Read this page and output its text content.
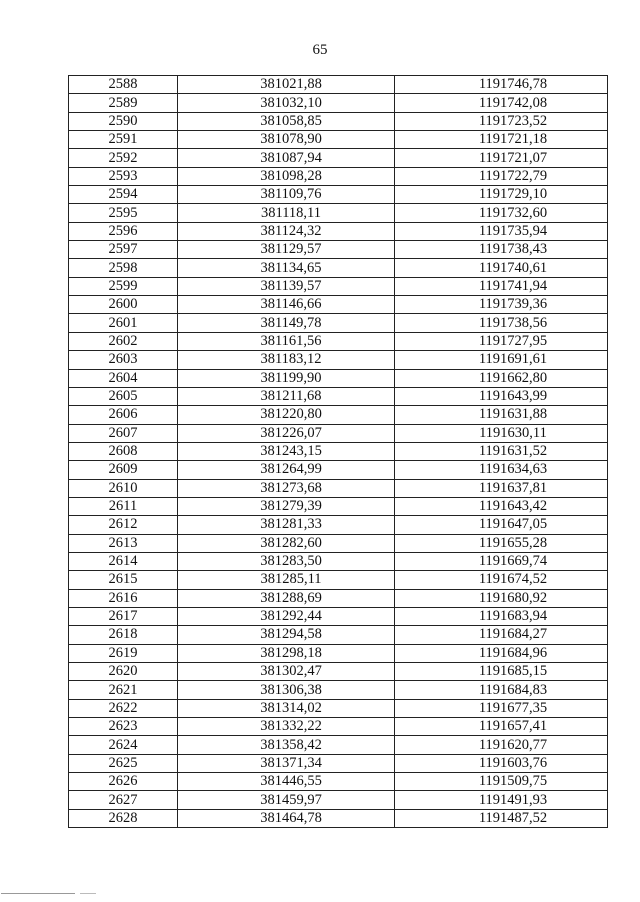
65
2588	381021,88	1191746,78
2589	381032,10	1191742,08
2590	381058,85	1191723,52
2591	381078,90	1191721,18
2592	381087,94	1191721,07
2593	381098,28	1191722,79
2594	381109,76	1191729,10
2595	381118,11	1191732,60
2596	381124,32	1191735,94
2597	381129,57	1191738,43
2598	381134,65	1191740,61
2599	381139,57	1191741,94
2600	381146,66	1191739,36
2601	381149,78	1191738,56
2602	381161,56	1191727,95
2603	381183,12	1191691,61
2604	381199,90	1191662,80
2605	381211,68	1191643,99
2606	381220,80	1191631,88
2607	381226,07	1191630,11
2608	381243,15	1191631,52
2609	381264,99	1191634,63
2610	381273,68	1191637,81
2611	381279,39	1191643,42
2612	381281,33	1191647,05
2613	381282,60	1191655,28
2614	381283,50	1191669,74
2615	381285,11	1191674,52
2616	381288,69	1191680,92
2617	381292,44	1191683,94
2618	381294,58	1191684,27
2619	381298,18	1191684,96
2620	381302,47	1191685,15
2621	381306,38	1191684,83
2622	381314,02	1191677,35
2623	381332,22	1191657,41
2624	381358,42	1191620,77
2625	381371,34	1191603,76
2626	381446,55	1191509,75
2627	381459,97	1191491,93
2628	381464,78	1191487,52
